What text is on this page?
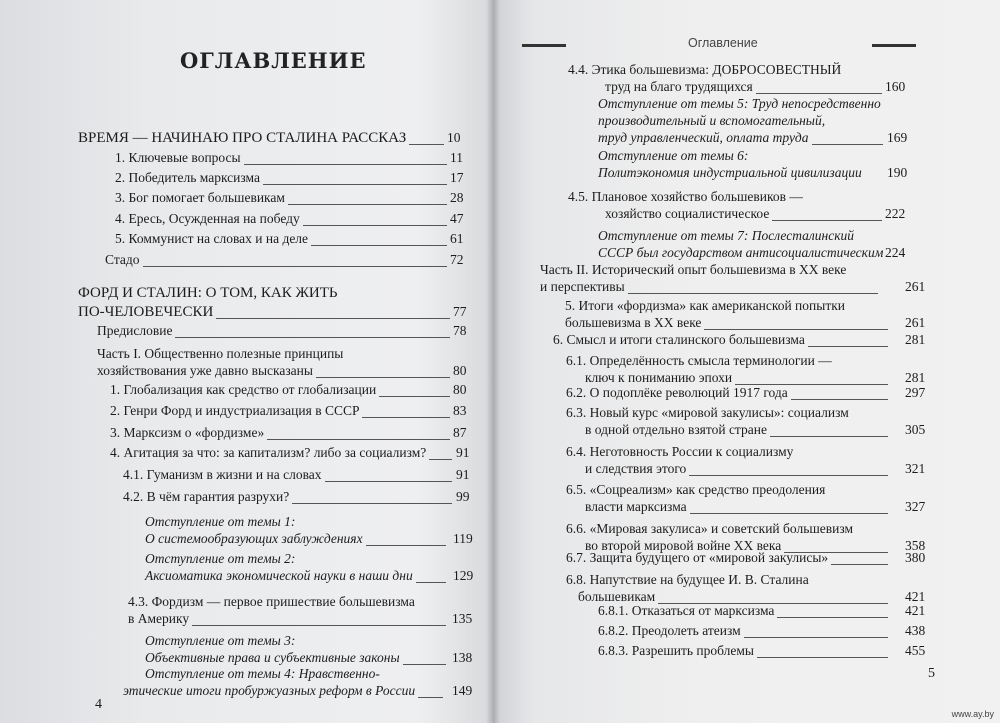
ОГЛАВЛЕНИЕ
4
Оглавление
5
ВРЕМЯ — НАЧИНАЮ ПРО СТАЛИНА РАССКАЗ	10
1. Ключевые вопросы	11
2. Победитель марксизма	17
3. Бог помогает большевикам	28
4. Ересь, Осужденная на победу	47
5. Коммунист на словах и на деле	61
Стадо	72
ФОРД И СТАЛИН: О ТОМ, КАК ЖИТЬ
ПО-ЧЕЛОВЕЧЕСКИ	77
Предисловие	78
Часть I. Общественно полезные принципы
хозяйствования уже давно высказаны	80
1. Глобализация как средство от глобализации	80
2. Генри Форд и индустриализация в СССР	83
3. Марксизм о «фордизме»	87
4. Агитация за что: за капитализм? либо за социализм? 91
4.1. Гуманизм в жизни и на словах	91
4.2. В чём гарантия разрухи?	99
Отступление от темы 1:
О системообразующих заблуждениях	119
Отступление от темы 2:
Аксиоматика экономической науки в наши дни	129
4.3. Фордизм — первое пришествие большевизма
в Америку	135
Отступление от темы 3:
Объективные права и субъективные законы	138
Отступление от темы 4: Нравственно-
этические итоги пробуржуазных реформ в России	149
4.4. Этика большевизма: ДОБРОСОВЕСТНЫЙ
труд на благо трудящихся	160
Отступление от темы 5: Труд непосредственно
производительный и вспомогательный,
труд управленческий, оплата труда	169
Отступление от темы 6:
Политэкономия индустриальной цивилизации 190
4.5. Плановое хозяйство большевиков —
хозяйство социалистическое	222
Отступление от темы 7: Послесталинский
СССР был государством антисоциалистическим 224
Часть II. Исторический опыт большевизма в XX веке
и перспективы	261
5. Итоги «фордизма» как американской попытки
большевизма в XX веке	261
6. Смысл и итоги сталинского большевизма	281
6.1. Определённость смысла терминологии —
ключ к пониманию эпохи	281
6.2. О подоплёке революций 1917 года	297
6.3. Новый курс «мировой закулисы»: социализм
в одной отдельно взятой стране	305
6.4. Неготовность России к социализму
и следствия этого	321
6.5. «Соцреализм» как средство преодоления
власти марксизма	327
6.6. «Мировая закулиса» и советский большевизм
во второй мировой войне XX века	358
6.7. Защита будущего от «мировой закулисы»	380
6.8. Напутствие на будущее И. В. Сталина
большевикам	421
6.8.1. Отказаться от марксизма	421
6.8.2. Преодолеть атеизм	438
6.8.3. Разрешить проблемы	455
www.ay.by
